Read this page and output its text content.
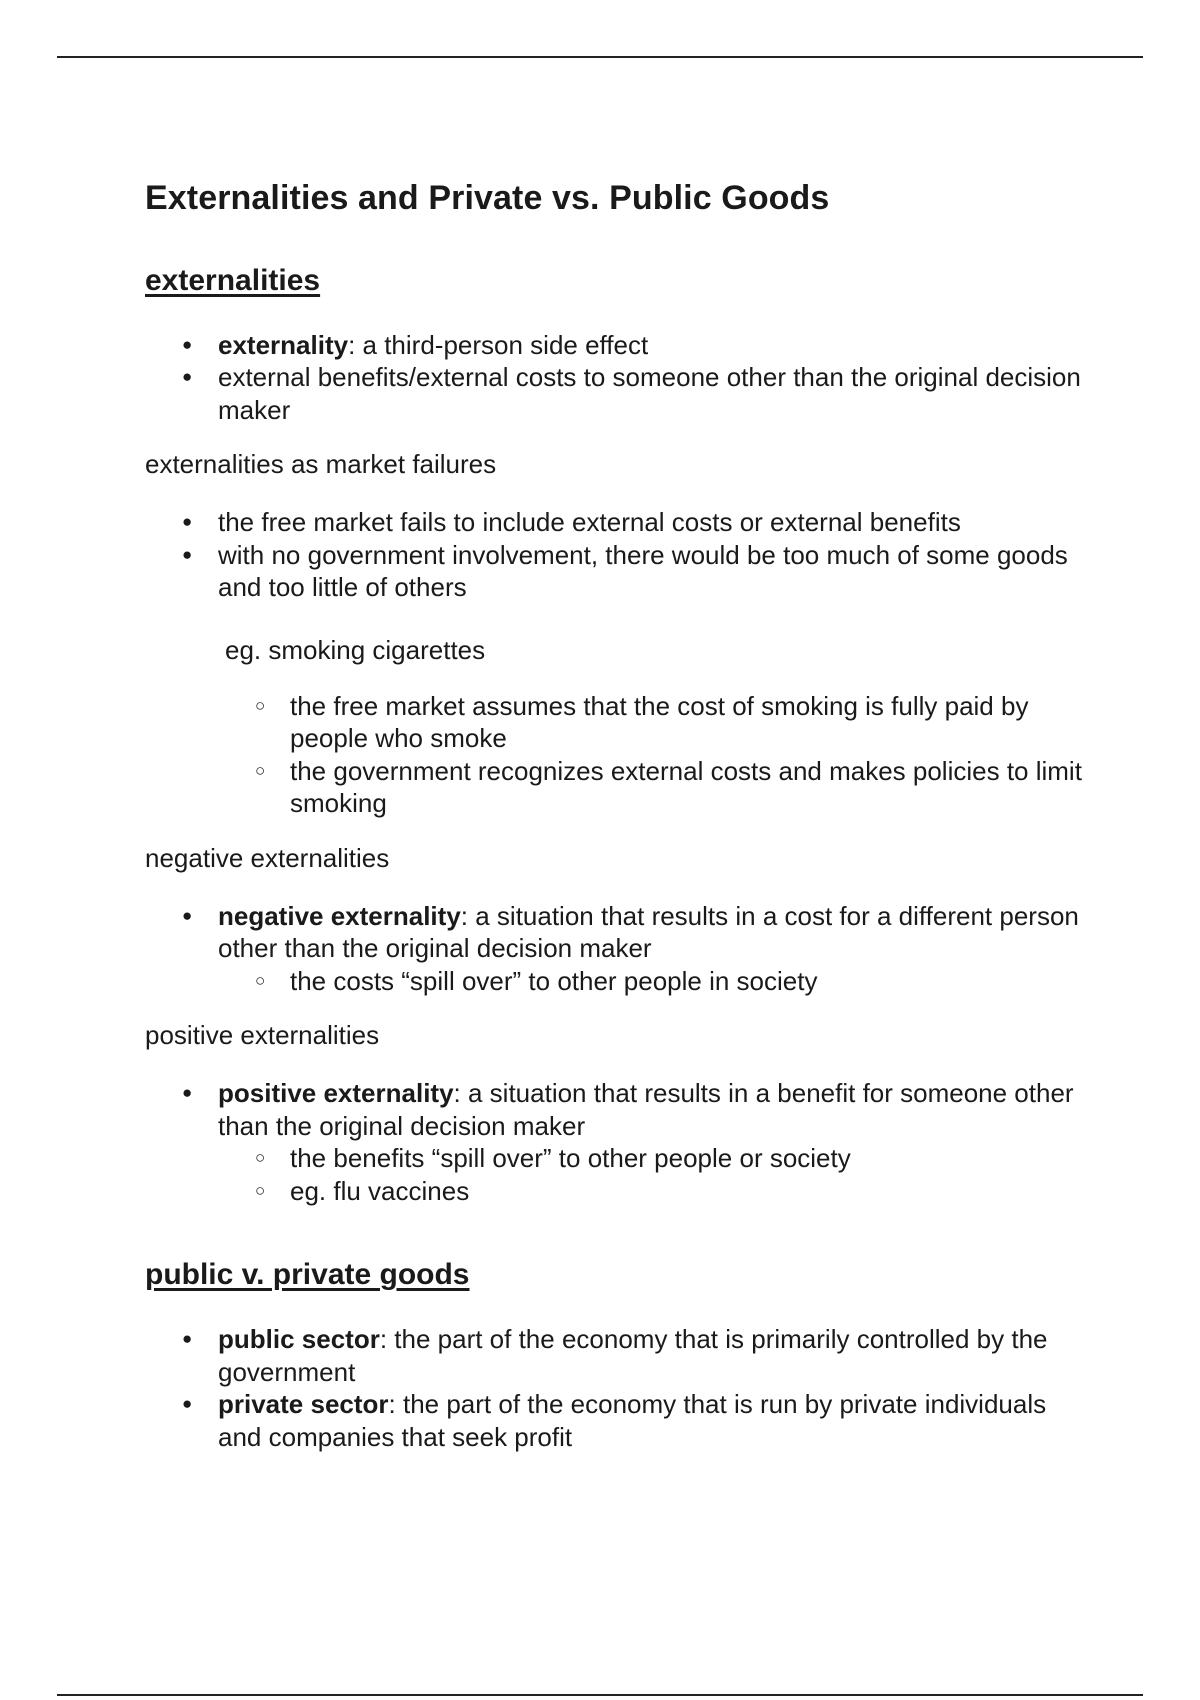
Externalities and Private vs. Public Goods
externalities
● externality: a third-person side effect
● external benefits/external costs to someone other than the original decision maker

externalities as market failures

● the free market fails to include external costs or external benefits
● with no government involvement, there would be too much of some goods and too little of others

eg. smoking cigarettes

○ the free market assumes that the cost of smoking is fully paid by people who smoke
○ the government recognizes external costs and makes policies to limit smoking

negative externalities

● negative externality: a situation that results in a cost for a different person other than the original decision maker
○ the costs “spill over” to other people in society

positive externalities

● positive externality: a situation that results in a benefit for someone other than the original decision maker
○ the benefits “spill over” to other people or society
○ eg. flu vaccines
public v. private goods
● public sector: the part of the economy that is primarily controlled by the government
● private sector: the part of the economy that is run by private individuals and companies that seek profit
